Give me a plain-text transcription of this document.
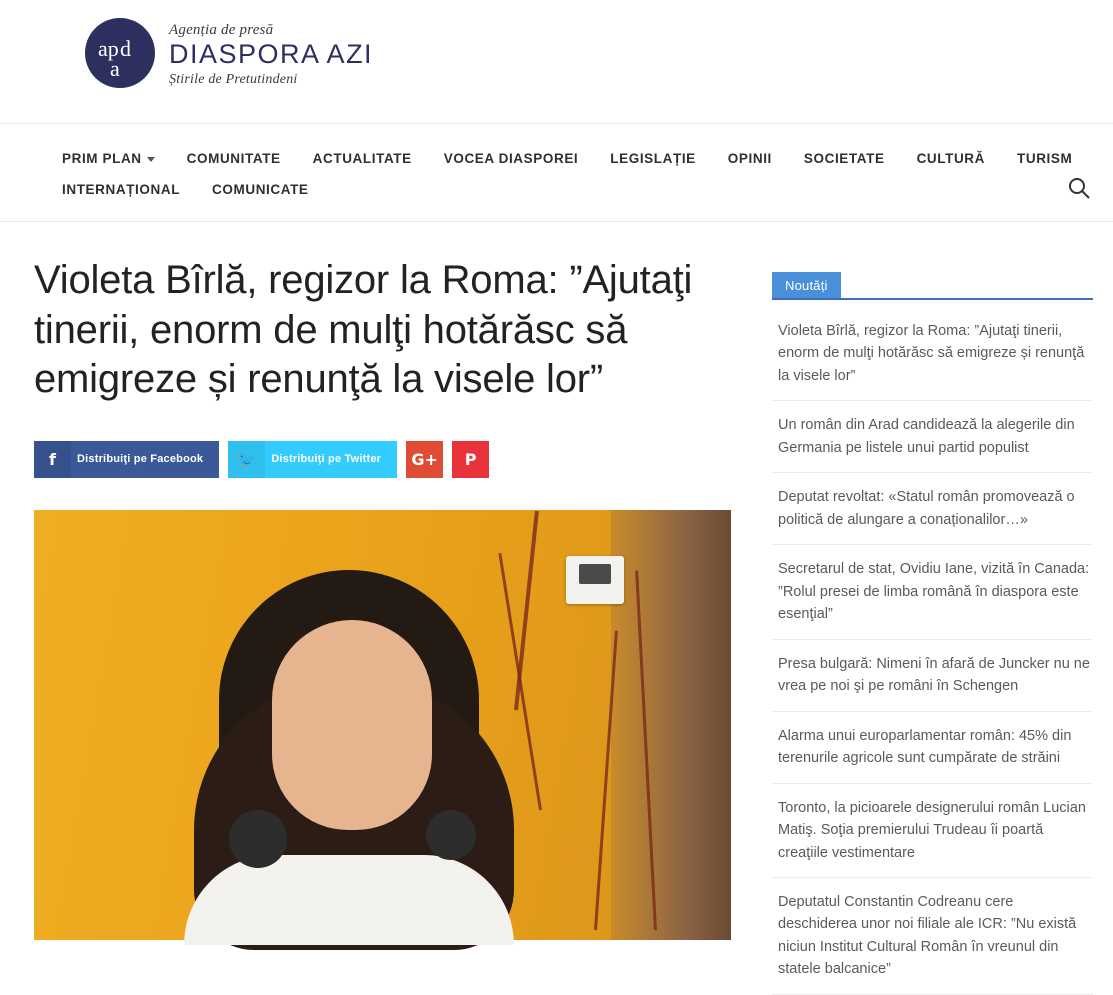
ap d
a
Agenția de presă
DIASPORA AZI
Știrile de Pretutindeni
PRIM PLAN	COMUNITATE	ACTUALITATE	VOCEA DIASPOREI	LEGISLAȚIE	OPINII	SOCIETATE	CULTURĂ	TURISM
INTERNAȚIONAL	COMUNICATE
Violeta Bîrlă, regizor la Roma: ”Ajutaţi tinerii, enorm de mulţi hotărăsc să emigreze și renunţă la visele lor”
f	Distribuiţi pe Facebook	🐦	Distribuiţi pe Twitter	G+	P
Noutăți
Violeta Bîrlă, regizor la Roma: ”Ajutaţi tinerii, enorm de mulţi hotărăsc să emigreze și renunţă la visele lor”
Un român din Arad candidează la alegerile din Germania pe listele unui partid populist
Deputat revoltat: «Statul român promovează o politică de alungare a conaționalilor…»
Secretarul de stat, Ovidiu Iane, vizită în Canada: ”Rolul presei de limba română în diaspora este esenţial”
Presa bulgară: Nimeni în afară de Juncker nu ne vrea pe noi şi pe români în Schengen
Alarma unui europarlamentar român: 45% din terenurile agricole sunt cumpărate de străini
Toronto, la picioarele designerului român Lucian Matiş. Soţia premierului Trudeau îi poartă creaţiile vestimentare
Deputatul Constantin Codreanu cere deschiderea unor noi filiale ale ICR: ”Nu există niciun Institut Cultural Român în vreunul din statele balcanice”
